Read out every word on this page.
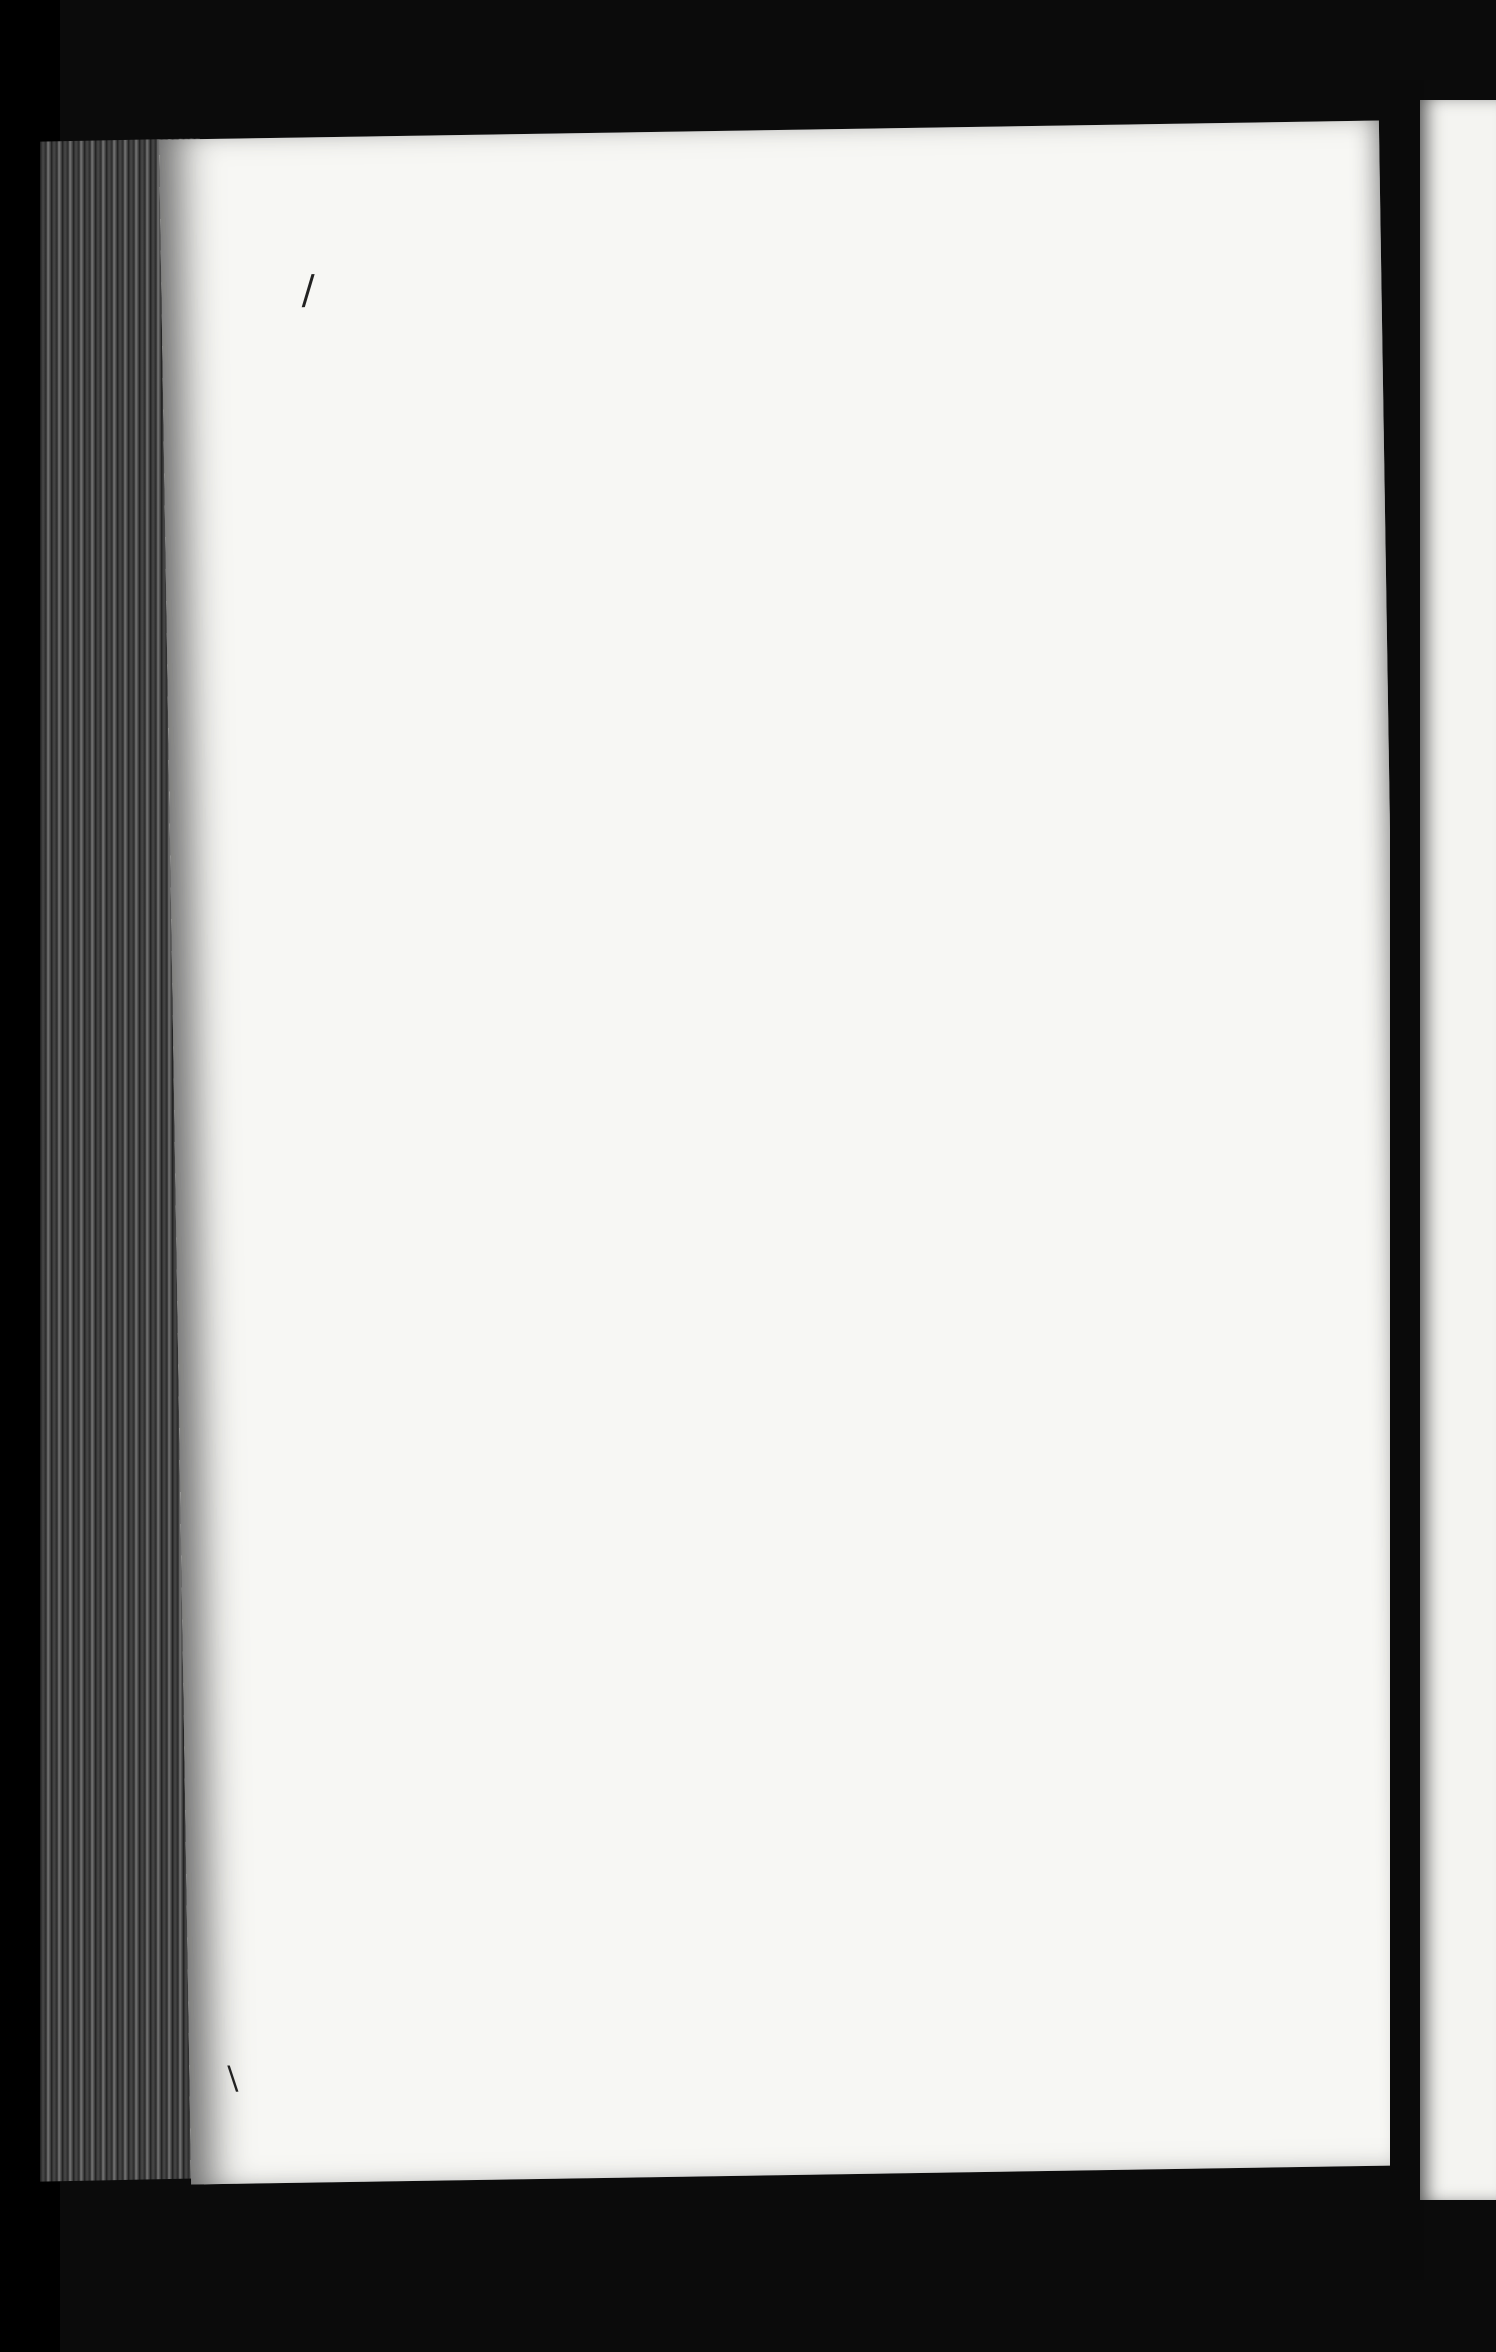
/
\
